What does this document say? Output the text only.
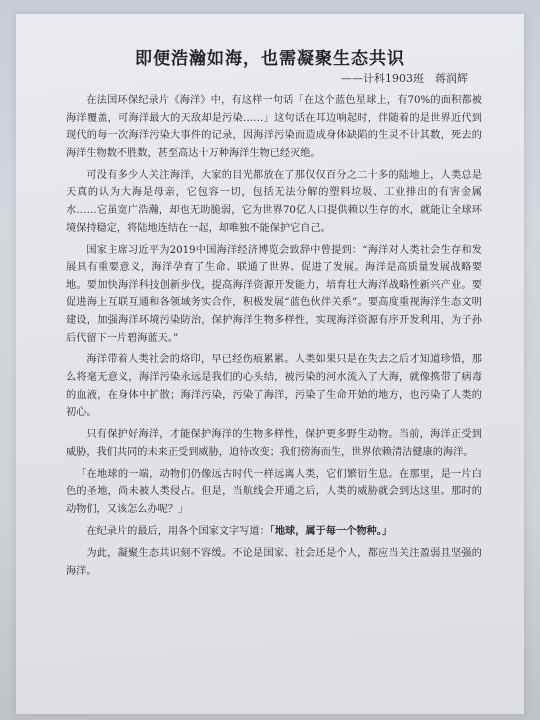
即便浩瀚如海，也需凝聚生态共识
——计科1903班　蒋润辉

在法国环保纪录片《海洋》中，有这样一句话「在这个蓝色星球上，有70%的面积都被海洋覆盖，可海洋最大的天敌却是污染……」这句话在耳边响起时，伴随着的是世界近代到现代的每一次海洋污染大事件的记录，因海洋污染而造成身体缺陷的生灵不计其数，死去的海洋生物数不胜数，甚至高达十万种海洋生物已经灭绝。

可没有多少人关注海洋，大家的目光都放在了那仅仅百分之二十多的陆地上，人类总是天真的认为大海是母亲，它包容一切，包括无法分解的塑料垃圾、工业排出的有害金属水……它虽宽广浩瀚，却也无助脆弱，它为世界70亿人口提供赖以生存的水，就能让全球环境保持稳定，将陆地连结在一起，却唯独不能保护它自己。

国家主席习近平为2019中国海洋经济博览会致辞中曾提到：“海洋对人类社会生存和发展具有重要意义，海洋孕育了生命、联通了世界、促进了发展。海洋是高质量发展战略要地。要加快海洋科技创新步伐，提高海洋资源开发能力，培育壮大海洋战略性新兴产业。要促进海上互联互通和各领域务实合作，积极发展“蓝色伙伴关系”。要高度重视海洋生态文明建设，加强海洋环境污染防治，保护海洋生物多样性，实现海洋资源有序开发利用，为子孙后代留下一片碧海蓝天。”

海洋带着人类社会的烙印，早已经伤痕累累。人类如果只是在失去之后才知道珍惜，那么将毫无意义，海洋污染永远是我们的心头结，被污染的河水流入了大海，就像携带了病毒的血液，在身体中扩散；海洋污染，污染了海洋，污染了生命开始的地方，也污染了人类的初心。

只有保护好海洋，才能保护海洋的生物多样性，保护更多野生动物。当前，海洋正受到威胁，我们共同的未来正受到威胁，迫待改变；我们傍海而生，世界依赖清洁健康的海洋。

「在地球的一端，动物们仍像远古时代一样远离人类，它们繁衍生息。在那里，是一片白色的圣地，尚未被人类侵占。但是，当航线会开通之后，人类的威胁就会到达这里。那时的动物们，又该怎么办呢？」

在纪录片的最后，用各个国家文字写道：「地球，属于每一个物种。」

为此，凝聚生态共识刻不容缓。不论是国家、社会还是个人，都应当关注盈弱且坚强的海洋。
